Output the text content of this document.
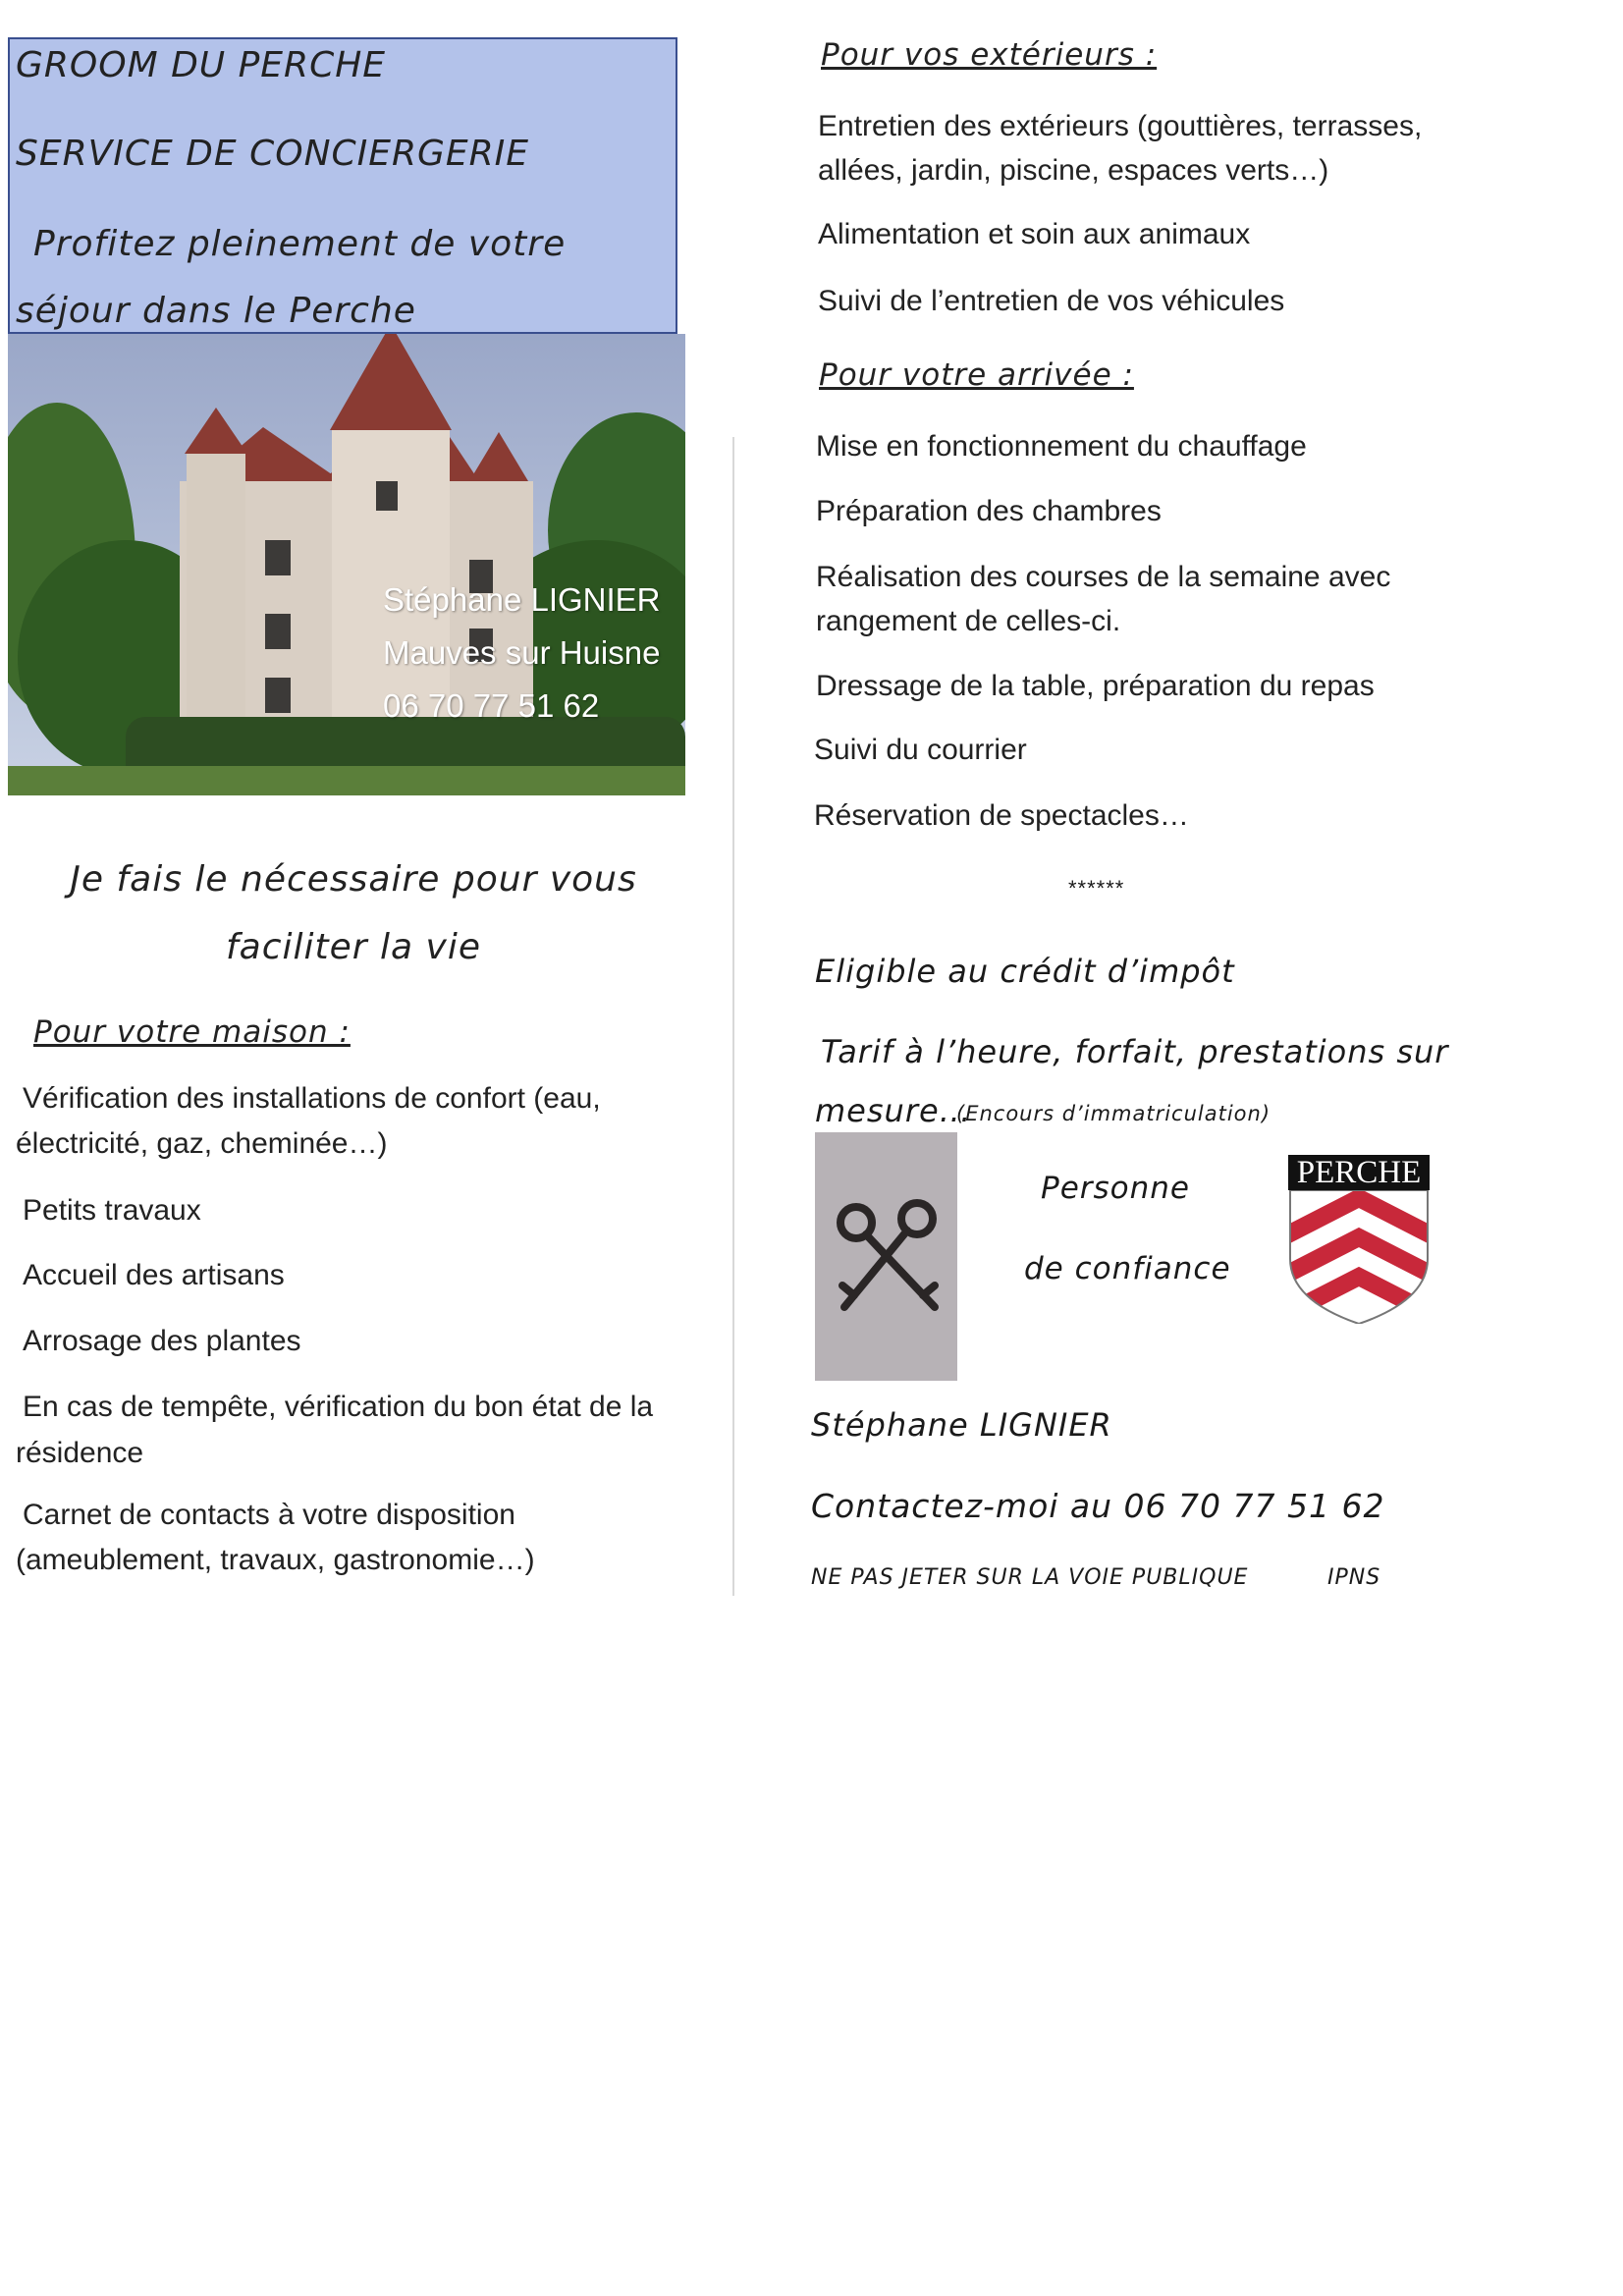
GROOM DU PERCHE
SERVICE DE CONCIERGERIE
Profitez pleinement de votre
séjour dans le Perche
Stéphane LIGNIER
Mauves sur Huisne
06 70 77 51 62
Je fais le nécessaire pour vous
faciliter la vie
Pour votre maison :
Vérification des installations de confort (eau,
électricité, gaz, cheminée…)
Petits travaux
Accueil des artisans
Arrosage des plantes
En cas de tempête, vérification du bon état de la
résidence
Carnet de contacts à votre disposition
(ameublement, travaux, gastronomie…)
Pour vos extérieurs :
Entretien des extérieurs (gouttières, terrasses,
allées, jardin, piscine, espaces verts…)
Alimentation et soin aux animaux
Suivi de l’entretien de vos véhicules
Pour votre arrivée :
Mise en fonctionnement du chauffage
Préparation des chambres
Réalisation des courses de la semaine avec
rangement de celles-ci.
Dressage de la table, préparation du repas
Suivi du courrier
Réservation de spectacles…
******
Eligible au crédit d’impôt
Tarif à l’heure, forfait, prestations sur
mesure…
(Encours d’immatriculation)
Personne
de confiance
PERCHE
Stéphane LIGNIER
Contactez-moi au 06 70 77 51 62
NE PAS JETER SUR LA VOIE PUBLIQUE	IPNS
